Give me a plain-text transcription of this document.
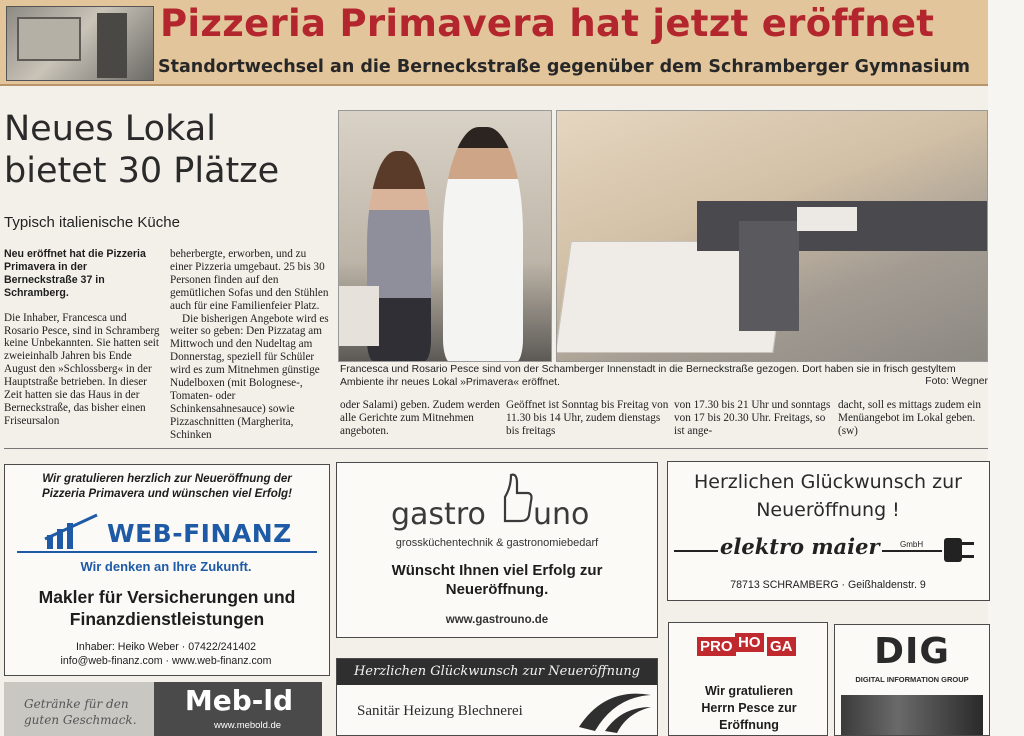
Pizzeria Primavera hat jetzt eröffnet
Standortwechsel an die Berneckstraße gegenüber dem Schramberger Gymnasium
Neues Lokal
bietet 30 Plätze
Typisch italienische Küche

Neu eröffnet hat die Pizzeria Primavera in der Berneckstraße 37 in Schramberg.

Die Inhaber, Francesca und Rosario Pesce, sind in Schramberg keine Unbekannten. Sie hatten seit zweieinhalb Jahren bis Ende August den »Schlossberg« in der Hauptstraße betrieben. In dieser Zeit hatten sie das Haus in der Berneckstraße, das bisher einen Friseursalon

beherbergte, erworben, und zu einer Pizzeria umgebaut. 25 bis 30 Personen finden auf den gemütlichen Sofas und den Stühlen auch für eine Familienfeier Platz.

Die bisherigen Angebote wird es weiter so geben: Den Pizzatag am Mittwoch und den Nudeltag am Donnerstag, speziell für Schüler wird es zum Mitnehmen günstige Nudelboxen (mit Bolognese-, Tomaten- oder Schinkensahnesauce) sowie Pizzaschnitten (Margherita, Schinken

Francesca und Rosario Pesce sind von der Schamberger Innenstadt in die Berneckstraße gezogen. Dort haben sie in frisch gestyltem Ambiente ihr neues Lokal »Primavera« eröffnet.	Foto: Wegner
oder Salami) geben. Zudem werden alle Gerichte zum Mitnehmen angeboten.
Geöffnet ist Sonntag bis Freitag von 11.30 bis 14 Uhr, zudem dienstags bis freitags
von 17.30 bis 21 Uhr und sonntags von 17 bis 20.30 Uhr. Freitags, so ist ange-
dacht, soll es mittags zudem ein Menüangebot im Lokal geben. (sw)
Wir gratulieren herzlich zur Neueröffnung der Pizzeria Primavera und wünschen viel Erfolg!
WEB-FINANZ
Wir denken an Ihre Zukunft.
Makler für Versicherungen und Finanzdienstleistungen
Inhaber: Heiko Weber · 07422/241402
info@web-finanz.com · www.web-finanz.com
gastro uno
grossküchentechnik & gastronomiebedarf
Wünscht Ihnen viel Erfolg zur Neueröffnung.
www.gastrouno.de
Herzlichen Glückwunsch zur Neueröffnung !
elektro maier	GmbH
78713 SCHRAMBERG · Geißhaldenstr. 9
Getränke für den guten Geschmack.
Meb-ld
www.mebold.de
Herzlichen Glückwunsch zur Neueröffnung
Sanitär Heizung Blechnerei
PRO HO GA
Wir gratulieren Herrn Pesce zur Eröffnung
DIG
DIGITAL INFORMATION GROUP
